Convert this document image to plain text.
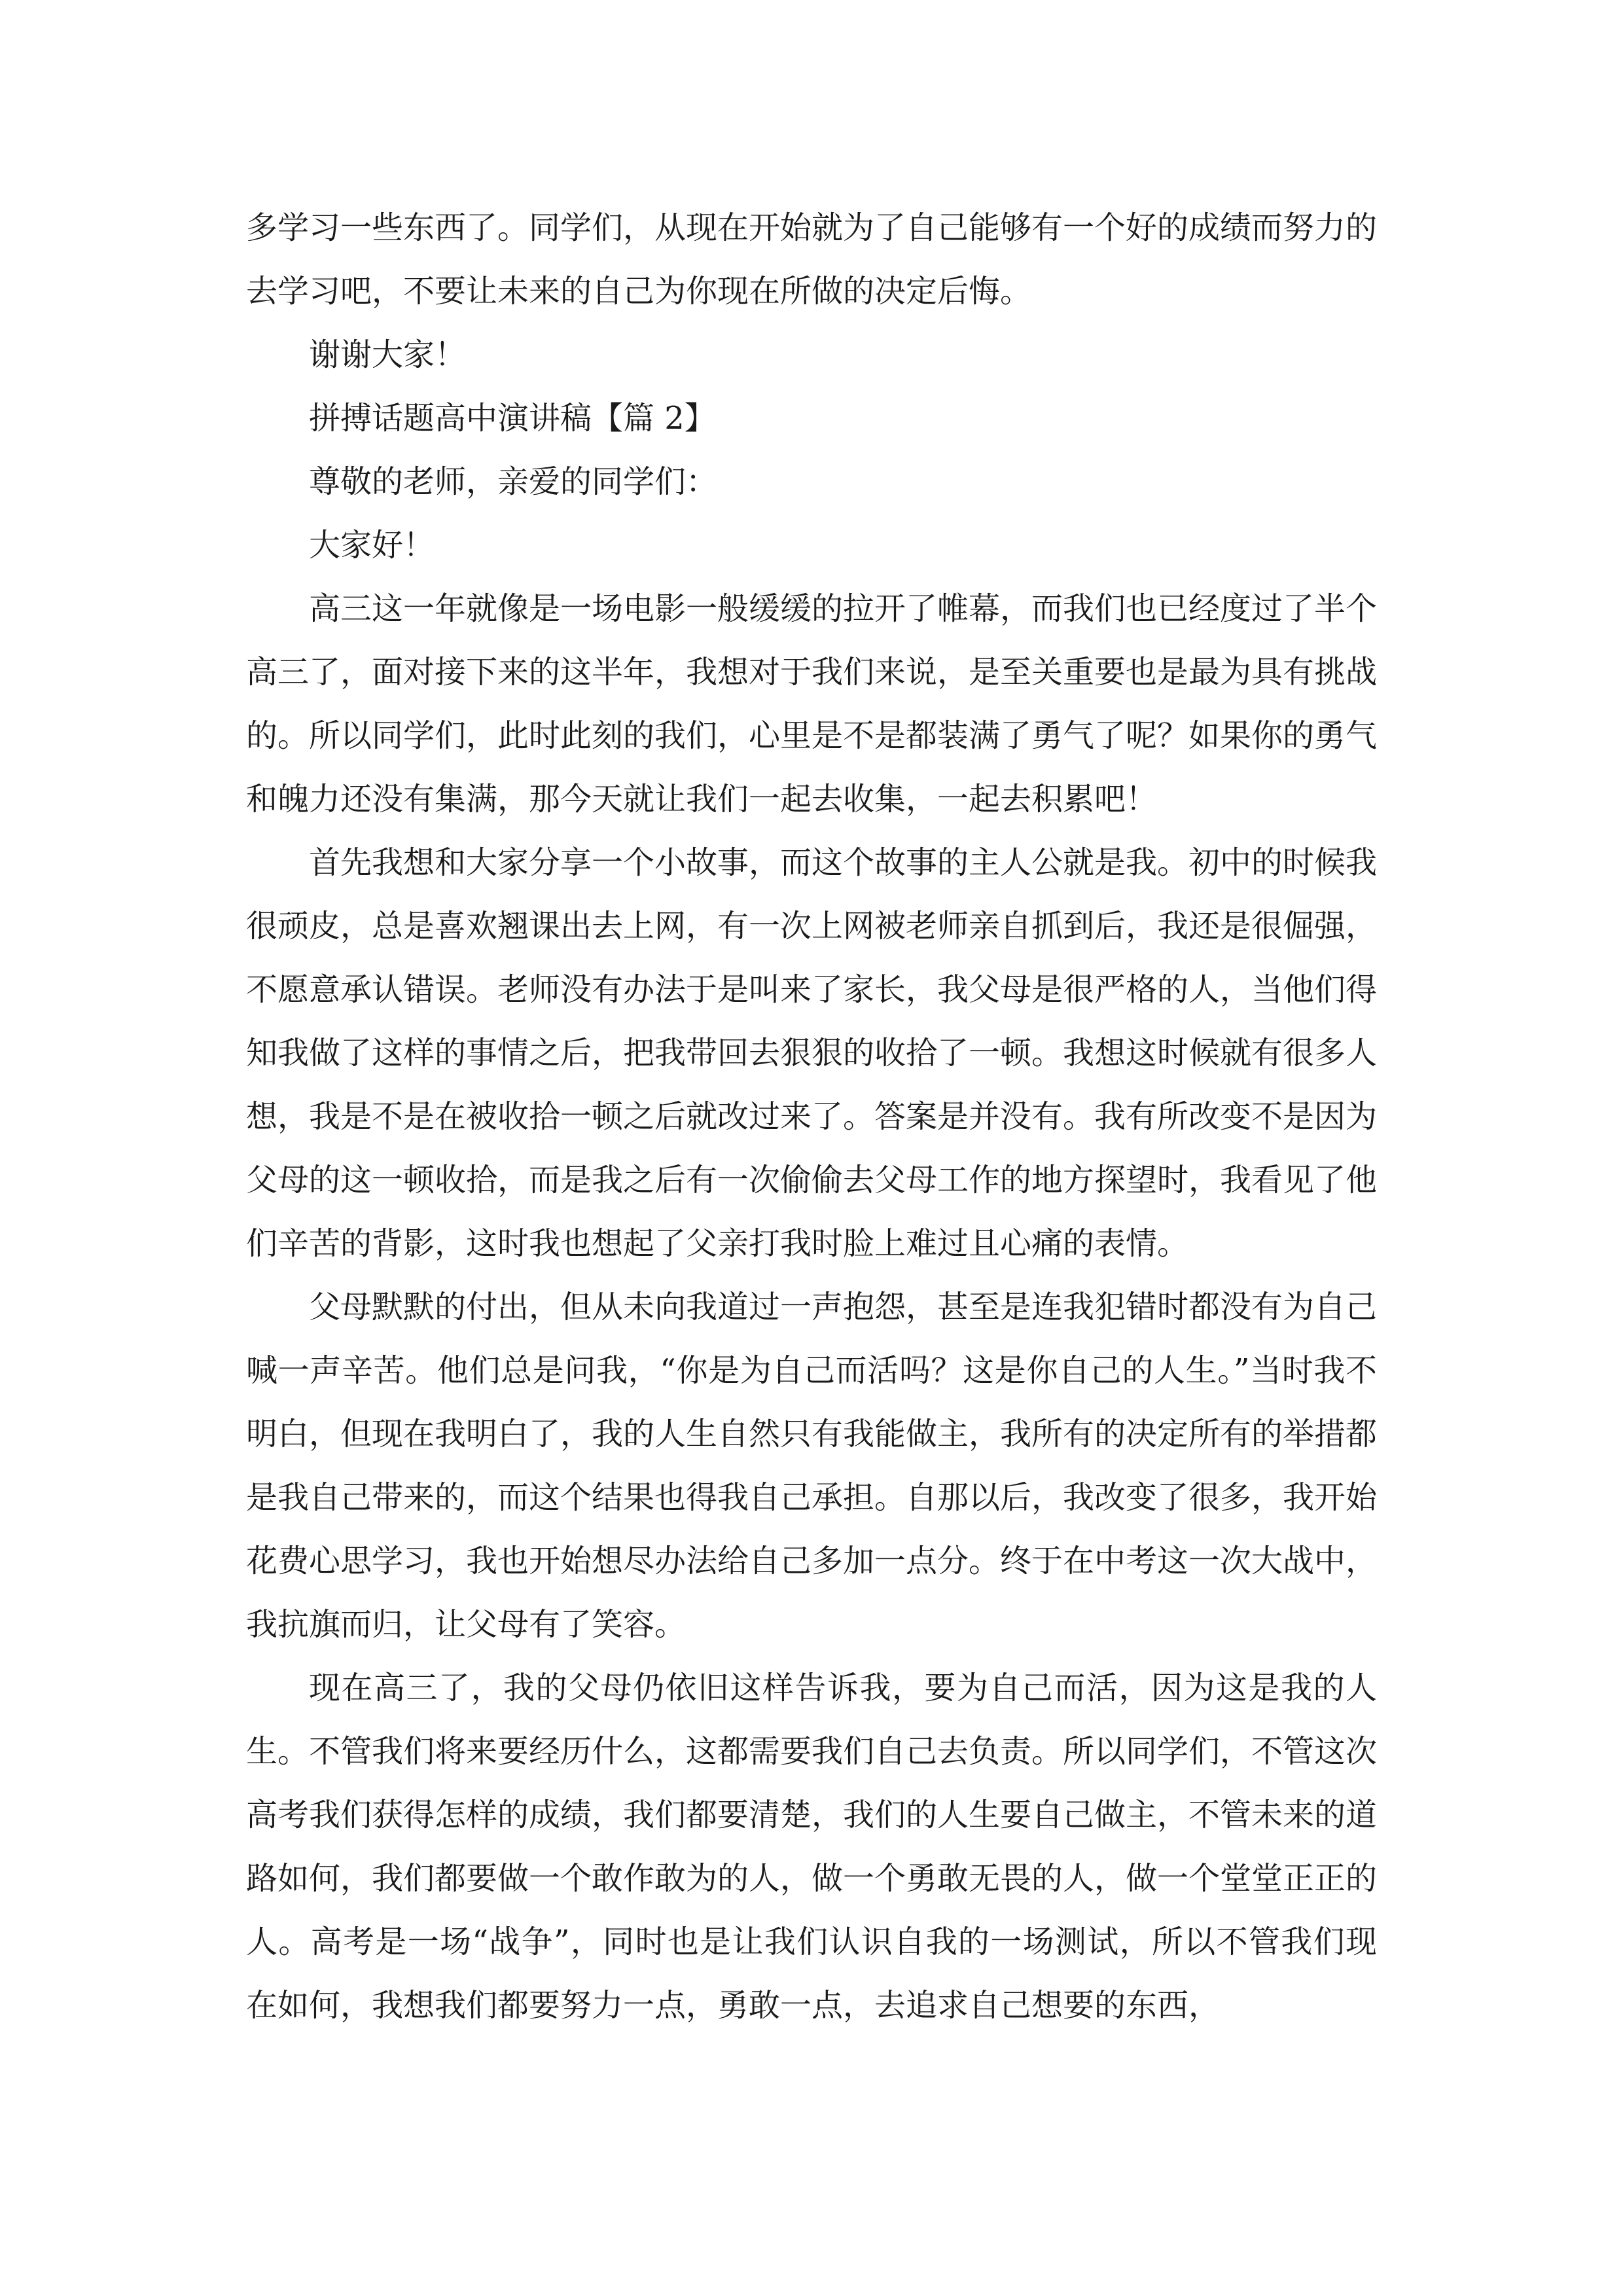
多学习一些东西了。同学们，从现在开始就为了自己能够有一个好的成绩而努力的去学习吧，不要让未来的自己为你现在所做的决定后悔。

谢谢大家！

拼搏话题高中演讲稿【篇 2】

尊敬的老师，亲爱的同学们：

大家好！

高三这一年就像是一场电影一般缓缓的拉开了帷幕，而我们也已经度过了半个高三了，面对接下来的这半年，我想对于我们来说，是至关重要也是最为具有挑战的。所以同学们，此时此刻的我们，心里是不是都装满了勇气了呢？如果你的勇气和魄力还没有集满，那今天就让我们一起去收集，一起去积累吧！

首先我想和大家分享一个小故事，而这个故事的主人公就是我。初中的时候我很顽皮，总是喜欢翘课出去上网，有一次上网被老师亲自抓到后，我还是很倔强，不愿意承认错误。老师没有办法于是叫来了家长，我父母是很严格的人，当他们得知我做了这样的事情之后，把我带回去狠狠的收拾了一顿。我想这时候就有很多人想，我是不是在被收拾一顿之后就改过来了。答案是并没有。我有所改变不是因为父母的这一顿收拾，而是我之后有一次偷偷去父母工作的地方探望时，我看见了他们辛苦的背影，这时我也想起了父亲打我时脸上难过且心痛的表情。

父母默默的付出，但从未向我道过一声抱怨，甚至是连我犯错时都没有为自己喊一声辛苦。他们总是问我，“你是为自己而活吗？这是你自己的人生。”当时我不明白，但现在我明白了，我的人生自然只有我能做主，我所有的决定所有的举措都是我自己带来的，而这个结果也得我自己承担。自那以后，我改变了很多，我开始花费心思学习，我也开始想尽办法给自己多加一点分。终于在中考这一次大战中，我抗旗而归，让父母有了笑容。

现在高三了，我的父母仍依旧这样告诉我，要为自己而活，因为这是我的人生。不管我们将来要经历什么，这都需要我们自己去负责。所以同学们，不管这次高考我们获得怎样的成绩，我们都要清楚，我们的人生要自己做主，不管未来的道路如何，我们都要做一个敢作敢为的人，做一个勇敢无畏的人，做一个堂堂正正的人。高考是一场“战争”，同时也是让我们认识自我的一场测试，所以不管我们现在如何，我想我们都要努力一点，勇敢一点，去追求自己想要的东西，
